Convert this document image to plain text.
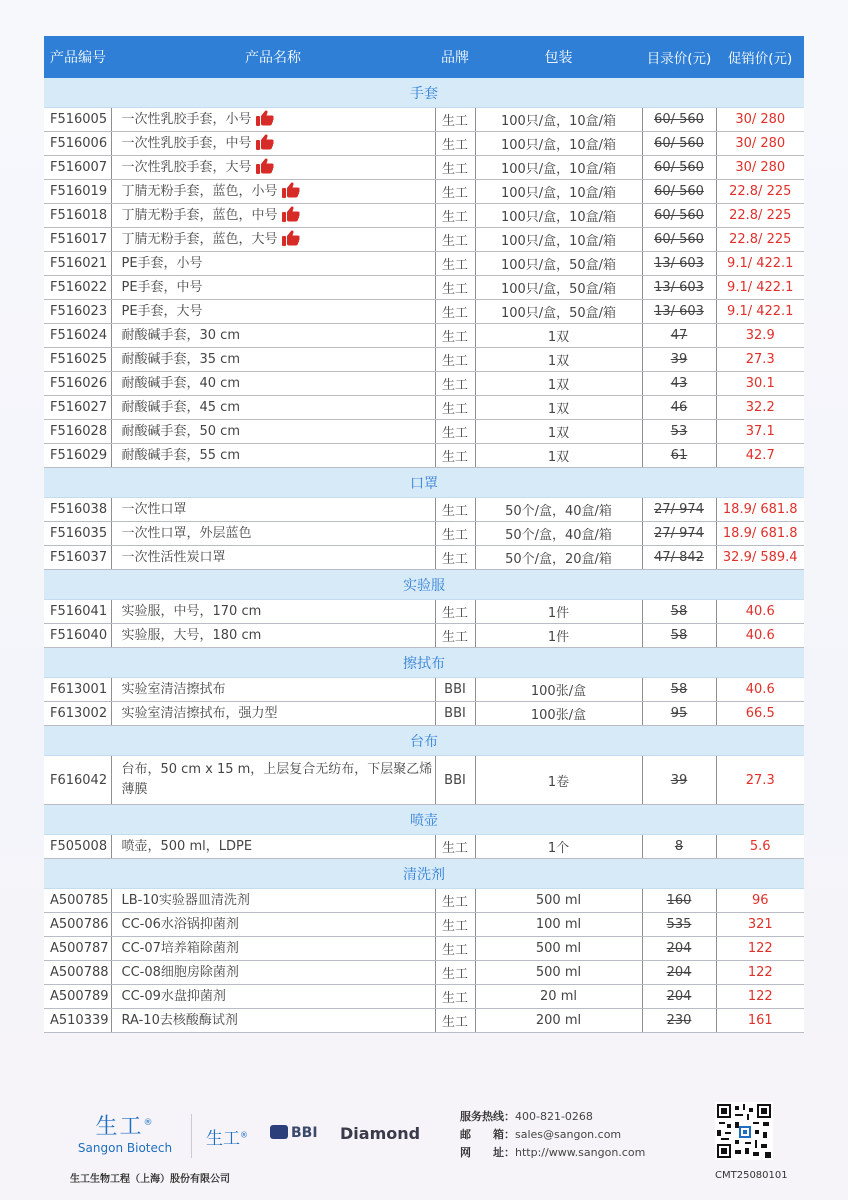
产品编号	产品名称	品牌	包装	目录价(元)	促销价(元)
手套					
F516005	一次性乳胶手套，小号	生工	100只/盒，10盒/箱	60/ 560	30/ 280
F516006	一次性乳胶手套，中号	生工	100只/盒，10盒/箱	60/ 560	30/ 280
F516007	一次性乳胶手套，大号	生工	100只/盒，10盒/箱	60/ 560	30/ 280
F516019	丁腈无粉手套，蓝色，小号	生工	100只/盒，10盒/箱	60/ 560	22.8/ 225
F516018	丁腈无粉手套，蓝色，中号	生工	100只/盒，10盒/箱	60/ 560	22.8/ 225
F516017	丁腈无粉手套，蓝色，大号	生工	100只/盒，10盒/箱	60/ 560	22.8/ 225
F516021	PE手套，小号	生工	100只/盒，50盒/箱	13/ 603	9.1/ 422.1
F516022	PE手套，中号	生工	100只/盒，50盒/箱	13/ 603	9.1/ 422.1
F516023	PE手套，大号	生工	100只/盒，50盒/箱	13/ 603	9.1/ 422.1
F516024	耐酸碱手套，30 cm	生工	1双	47	32.9
F516025	耐酸碱手套，35 cm	生工	1双	39	27.3
F516026	耐酸碱手套，40 cm	生工	1双	43	30.1
F516027	耐酸碱手套，45 cm	生工	1双	46	32.2
F516028	耐酸碱手套，50 cm	生工	1双	53	37.1
F516029	耐酸碱手套，55 cm	生工	1双	61	42.7
口罩					
F516038	一次性口罩	生工	50个/盒，40盒/箱	27/ 974	18.9/ 681.8
F516035	一次性口罩，外层蓝色	生工	50个/盒，40盒/箱	27/ 974	18.9/ 681.8
F516037	一次性活性炭口罩	生工	50个/盒，20盒/箱	47/ 842	32.9/ 589.4
实验服					
F516041	实验服，中号，170 cm	生工	1件	58	40.6
F516040	实验服，大号，180 cm	生工	1件	58	40.6
擦拭布					
F613001	实验室清洁擦拭布	BBI	100张/盒	58	40.6
F613002	实验室清洁擦拭布，强力型	BBI	100张/盒	95	66.5
台布					
F616042	台布，50 cm x 15 m，上层复合无纺布，下层聚乙烯薄膜	BBI	1卷	39	27.3
喷壶					
F505008	喷壶，500 ml，LDPE	生工	1个	8	5.6
清洗剂					
A500785	LB-10实验器皿清洗剂	生工	500 ml	160	96
A500786	CC-06水浴锅抑菌剂	生工	100 ml	535	321
A500787	CC-07培养箱除菌剂	生工	500 ml	204	122
A500788	CC-08细胞房除菌剂	生工	500 ml	204	122
A500789	CC-09水盘抑菌剂	生工	20 ml	204	122
A510339	RA-10去核酸酶试剂	生工	200 ml	230	161
生工®
Sangon Biotech	生工®	BBI Diamond
服务热线：400-821-0268
邮　　箱：sales@sangon.com
网　　址：http://www.sangon.com
生工生物工程（上海）股份有限公司	CMT25080101
